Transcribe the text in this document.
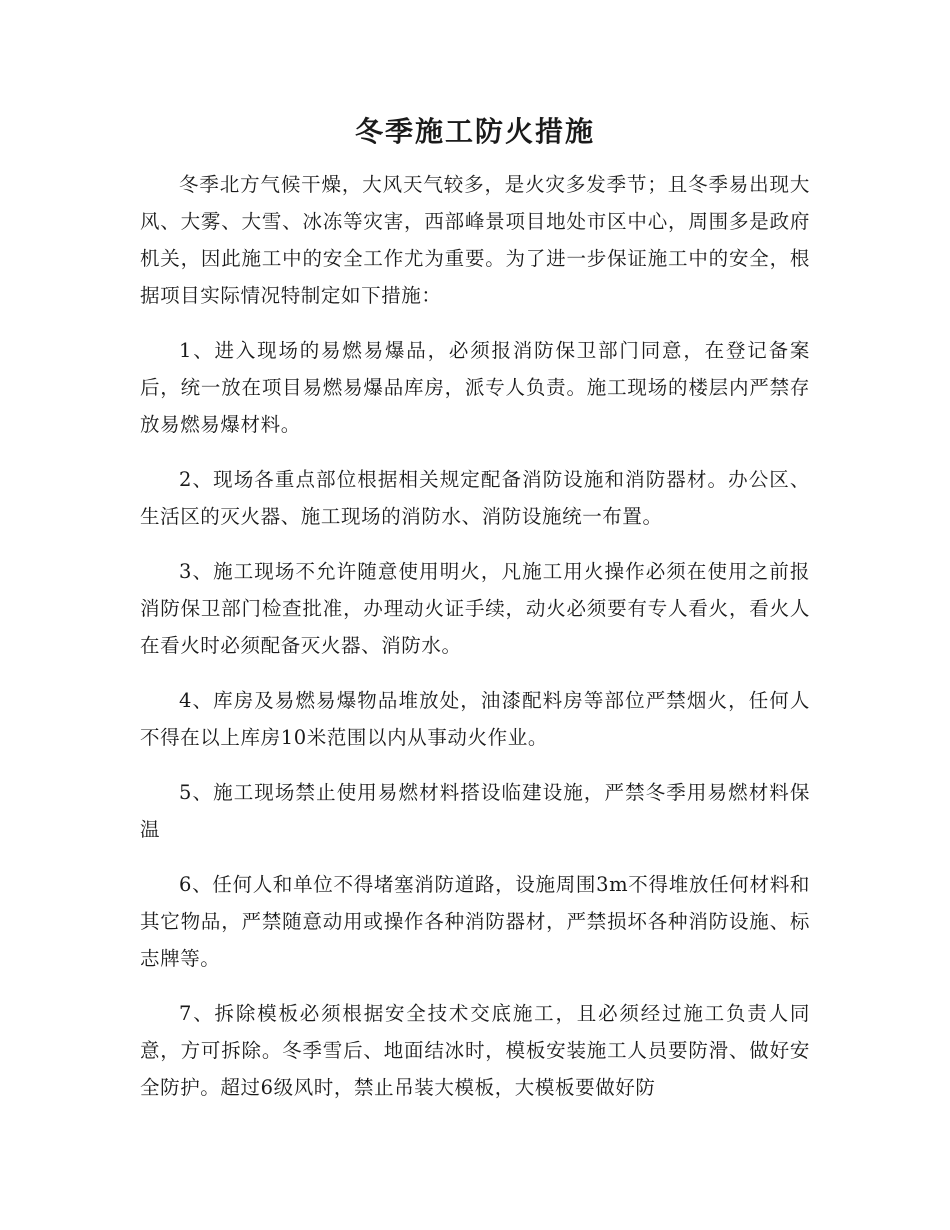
冬季施工防火措施

冬季北方气候干燥，大风天气较多，是火灾多发季节；且冬季易出现大风、大雾、大雪、冰冻等灾害，西部峰景项目地处市区中心，周围多是政府机关，因此施工中的安全工作尤为重要。为了进一步保证施工中的安全，根据项目实际情况特制定如下措施：

1、进入现场的易燃易爆品，必须报消防保卫部门同意，在登记备案后，统一放在项目易燃易爆品库房，派专人负责。施工现场的楼层内严禁存放易燃易爆材料。

2、现场各重点部位根据相关规定配备消防设施和消防器材。办公区、生活区的灭火器、施工现场的消防水、消防设施统一布置。

3、施工现场不允许随意使用明火，凡施工用火操作必须在使用之前报消防保卫部门检查批准，办理动火证手续，动火必须要有专人看火，看火人在看火时必须配备灭火器、消防水。

4、库房及易燃易爆物品堆放处，油漆配料房等部位严禁烟火，任何人不得在以上库房10米范围以内从事动火作业。

5、施工现场禁止使用易燃材料搭设临建设施，严禁冬季用易燃材料保温

6、任何人和单位不得堵塞消防道路，设施周围3m不得堆放任何材料和其它物品，严禁随意动用或操作各种消防器材，严禁损坏各种消防设施、标志牌等。

7、拆除模板必须根据安全技术交底施工，且必须经过施工负责人同意，方可拆除。冬季雪后、地面结冰时，模板安装施工人员要防滑、做好安全防护。超过6级风时，禁止吊装大模板，大模板要做好防
